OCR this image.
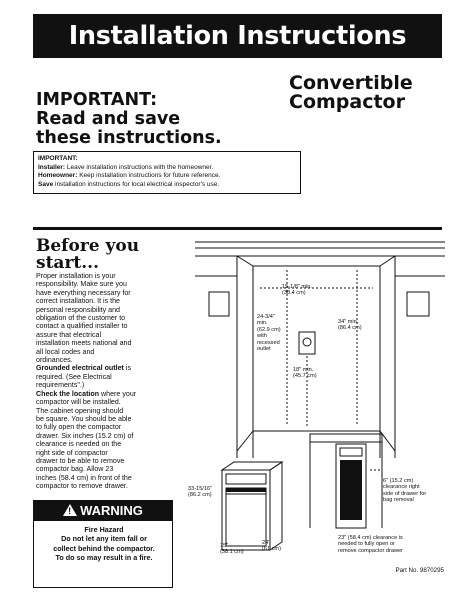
Installation Instructions
IMPORTANT:
Read and save
these instructions.
Convertible
Compactor
IMPORTANT:
Installer: Leave installation instructions with the homeowner.
Homeowner: Keep installation instructions for future reference.
Save installation instructions for local electrical inspector's use.
Before you
start...
Proper installation is your
responsibility. Make sure you
have everything necessary for
correct installation. It is the
personal responsibility and
obligation of the customer to
contact a qualified installer to
assure that electrical
installation meets national and
all local codes and
ordinances.
Grounded electrical outlet is
required. (See Electrical
requirements".)
Check the location where your
compactor will be installed.
The cabinet opening should
be square. You should be able
to fully open the compactor
drawer. Six inches (15.2 cm) of
clearance is needed on the
right side of compactor
drawer to be able to remove
compactor bag. Allow 23
inches (58.4 cm) in front of the
compactor to remove drawer.
! WARNING
Fire Hazard
Do not let any item fall or
collect behind the compactor.
To do so may result in a fire.
15-1/8" min.
(38.4 cm)
24-3/4"
min.
(62.9 cm)
with
recessed
outlet
34" min.
(86.4 cm)
18" min.
(45.7 cm)
33-15/16"
(86.2 cm)
15"
(38.1 cm)
24"
(61 cm)
6" (15.2 cm)
clearance right
side of drawer for
bag removal
23" (58.4 cm) clearance is
needed to fully open or
remove compactor drawer
Part No. 9870295
